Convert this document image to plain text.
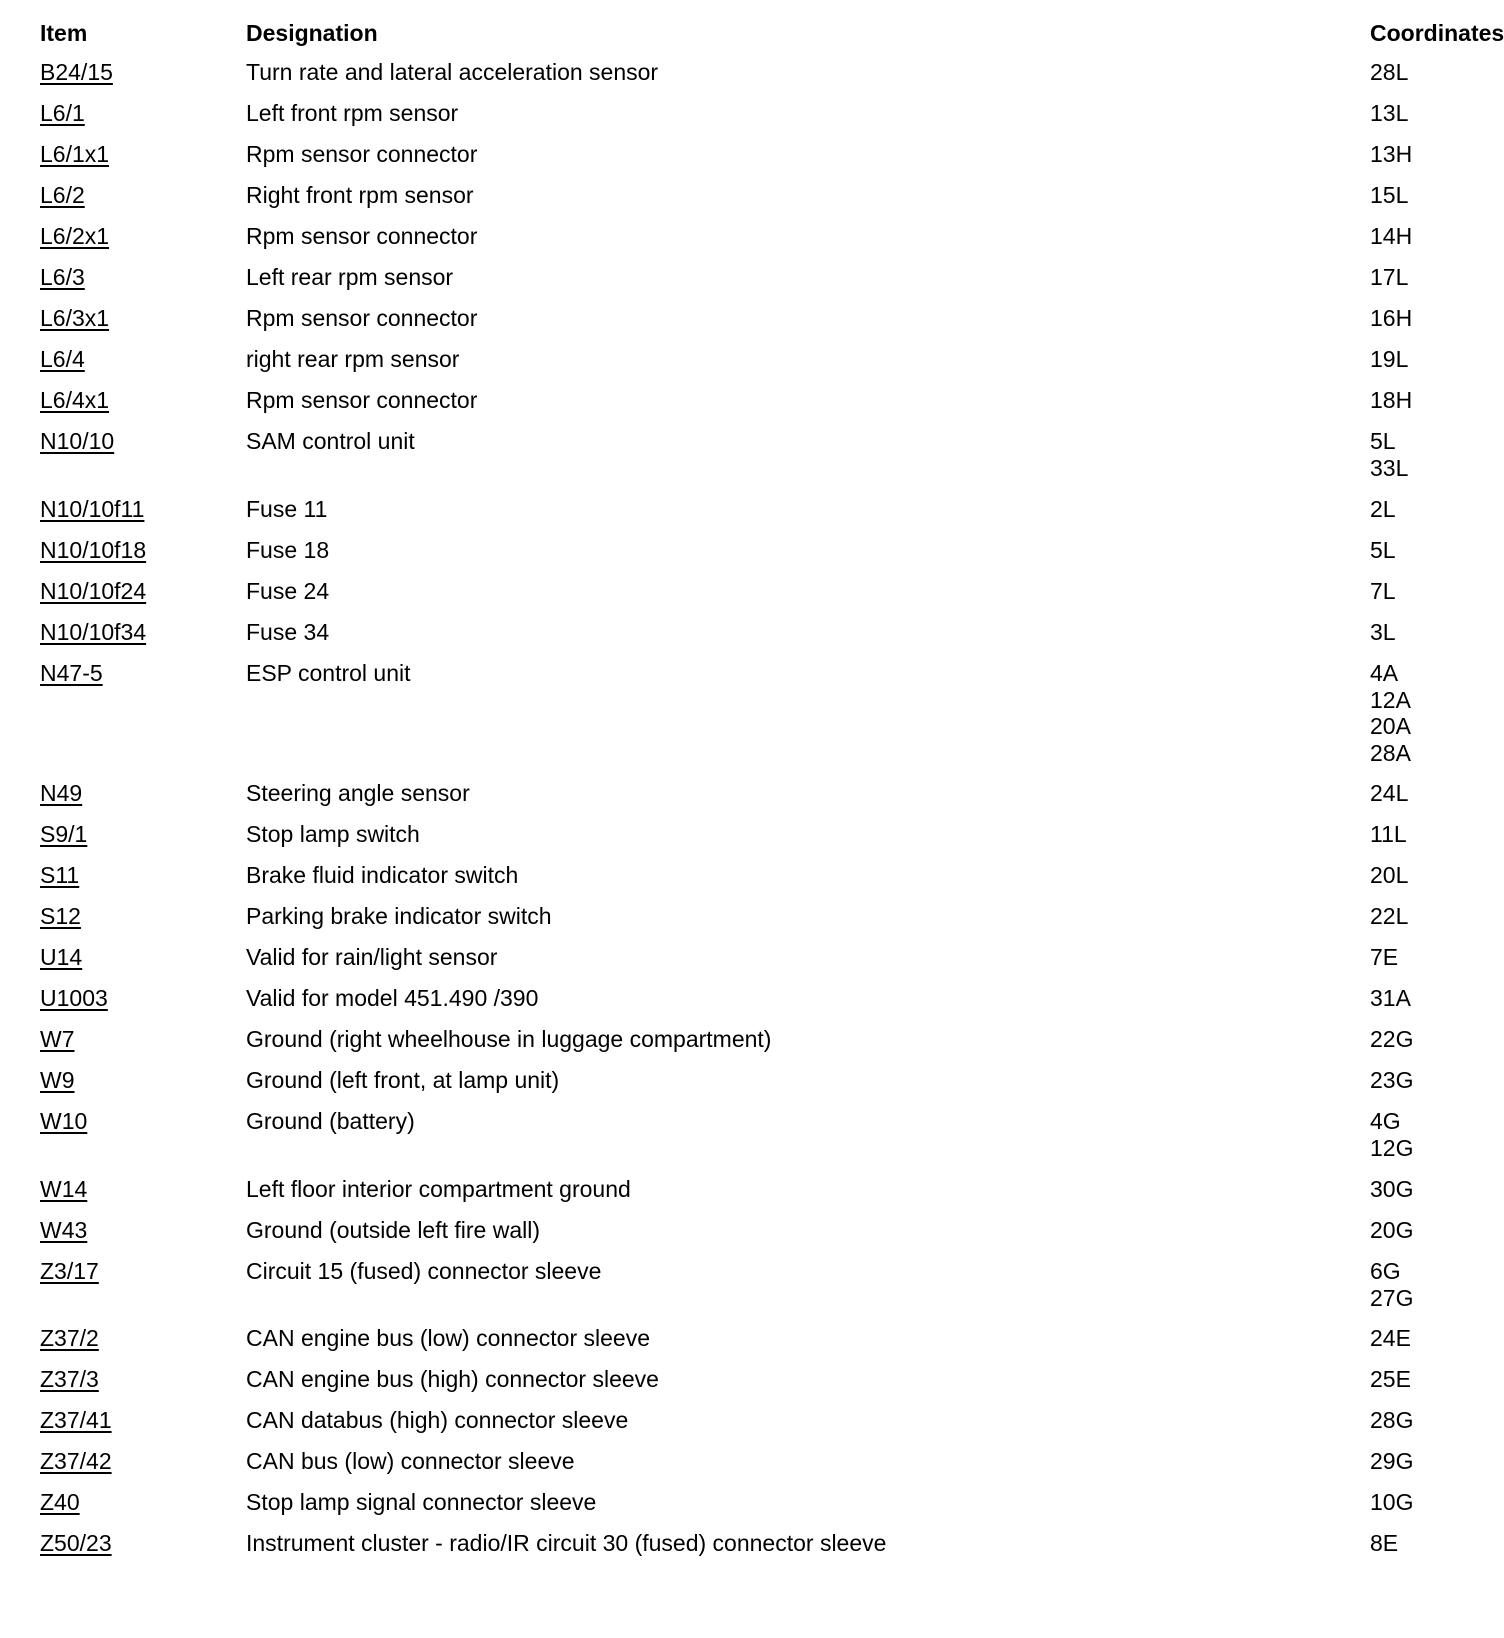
Item	Designation	Coordinates
B24/15	Turn rate and lateral acceleration sensor	28L
L6/1	Left front rpm sensor	13L
L6/1x1	Rpm sensor connector	13H
L6/2	Right front rpm sensor	15L
L6/2x1	Rpm sensor connector	14H
L6/3	Left rear rpm sensor	17L
L6/3x1	Rpm sensor connector	16H
L6/4	right rear rpm sensor	19L
L6/4x1	Rpm sensor connector	18H
N10/10	SAM control unit	5L
33L
N10/10f11	Fuse 11	2L
N10/10f18	Fuse 18	5L
N10/10f24	Fuse 24	7L
N10/10f34	Fuse 34	3L
N47-5	ESP control unit	4A
12A
20A
28A
N49	Steering angle sensor	24L
S9/1	Stop lamp switch	11L
S11	Brake fluid indicator switch	20L
S12	Parking brake indicator switch	22L
U14	Valid for rain/light sensor	7E
U1003	Valid for model 451.490 /390	31A
W7	Ground (right wheelhouse in luggage compartment)	22G
W9	Ground (left front, at lamp unit)	23G
W10	Ground (battery)	4G
12G
W14	Left floor interior compartment ground	30G
W43	Ground (outside left fire wall)	20G
Z3/17	Circuit 15 (fused) connector sleeve	6G
27G
Z37/2	CAN engine bus (low) connector sleeve	24E
Z37/3	CAN engine bus (high) connector sleeve	25E
Z37/41	CAN databus (high) connector sleeve	28G
Z37/42	CAN bus (low) connector sleeve	29G
Z40	Stop lamp signal connector sleeve	10G
Z50/23	Instrument cluster - radio/IR circuit 30 (fused) connector sleeve	8E
